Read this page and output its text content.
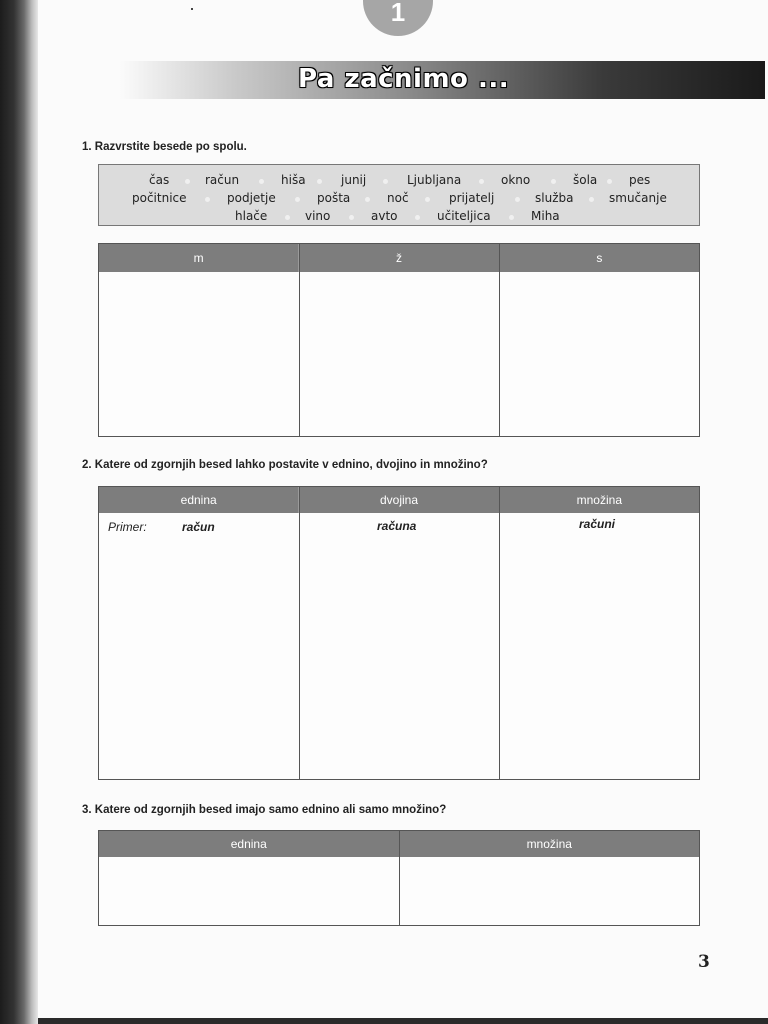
1
Pa začnimo ...
1. Razvrstite besede po spolu.
čas	račun	hiša	junij	Ljubljana	okno	šola	pes
počitnice	podjetje	pošta	noč	prijatelj	služba	smučanje
hlače	vino	avto	učiteljica	Miha
m	ž	s
2. Katere od zgornjih besed lahko postavite v ednino, dvojino in množino?
ednina	dvojina	množina
Primer:	račun	računa	računi
3. Katere od zgornjih besed imajo samo ednino ali samo množino?
ednina	množina
3
